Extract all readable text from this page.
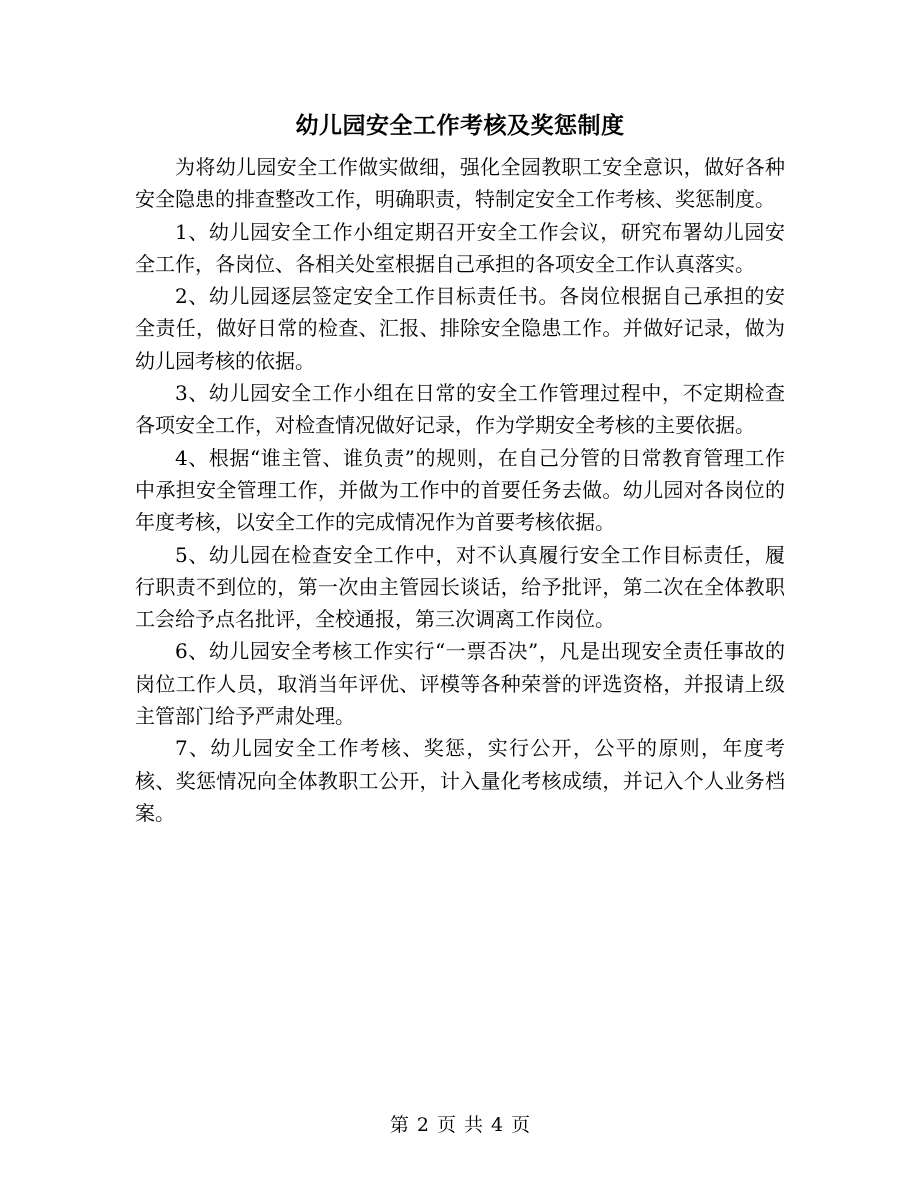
幼儿园安全工作考核及奖惩制度

为将幼儿园安全工作做实做细，强化全园教职工安全意识，做好各种安全隐患的排查整改工作，明确职责，特制定安全工作考核、奖惩制度。

1、幼儿园安全工作小组定期召开安全工作会议，研究布署幼儿园安全工作，各岗位、各相关处室根据自己承担的各项安全工作认真落实。

2、幼儿园逐层签定安全工作目标责任书。各岗位根据自己承担的安全责任，做好日常的检查、汇报、排除安全隐患工作。并做好记录，做为幼儿园考核的依据。

3、幼儿园安全工作小组在日常的安全工作管理过程中，不定期检查各项安全工作，对检查情况做好记录，作为学期安全考核的主要依据。

4、根据“谁主管、谁负责”的规则，在自己分管的日常教育管理工作中承担安全管理工作，并做为工作中的首要任务去做。幼儿园对各岗位的年度考核，以安全工作的完成情况作为首要考核依据。

5、幼儿园在检查安全工作中，对不认真履行安全工作目标责任，履行职责不到位的，第一次由主管园长谈话，给予批评，第二次在全体教职工会给予点名批评，全校通报，第三次调离工作岗位。

6、幼儿园安全考核工作实行“一票否决”，凡是出现安全责任事故的岗位工作人员，取消当年评优、评模等各种荣誉的评选资格，并报请上级主管部门给予严肃处理。

7、幼儿园安全工作考核、奖惩，实行公开，公平的原则，年度考核、奖惩情况向全体教职工公开，计入量化考核成绩，并记入个人业务档案。

第 2 页 共 4 页
